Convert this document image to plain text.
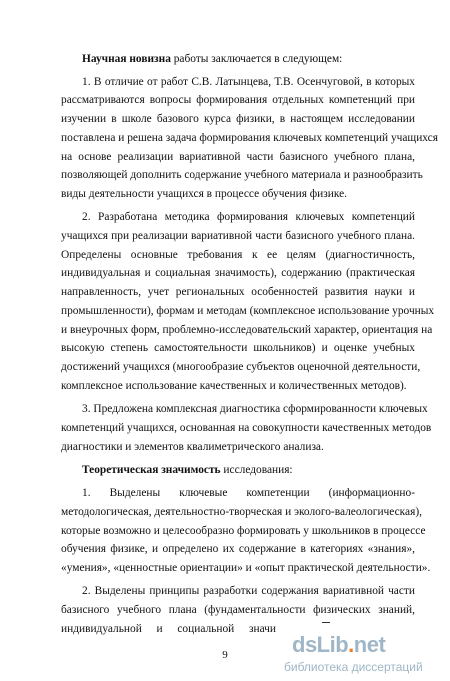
Научная новизна работы заключается в следующем:
1. В отличие от работ С.В. Латынцева, Т.В. Осенчуговой, в которых
рассматриваются вопросы формирования отдельных компетенций при
изучении в школе базового курса физики, в настоящем исследовании
поставлена и решена задача формирования ключевых компетенций учащихся
на основе реализации вариативной части базисного учебного плана,
позволяющей дополнить содержание учебного материала и разнообразить
виды деятельности учащихся в процессе обучения физике.
2. Разработана методика формирования ключевых компетенций
учащихся при реализации вариативной части базисного учебного плана.
Определены основные требования к ее целям (диагностичность,
индивидуальная и социальная значимость), содержанию (практическая
направленность, учет региональных особенностей развития науки и
промышленности), формам и методам (комплексное использование урочных
и внеурочных форм, проблемно-исследовательский характер, ориентация на
высокую степень самостоятельности школьников) и оценке учебных
достижений учащихся (многообразие субъектов оценочной деятельности,
комплексное использование качественных и количественных методов).
3. Предложена комплексная диагностика сформированности ключевых
компетенций учащихся, основанная на совокупности качественных методов
диагностики и элементов квалиметрического анализа.
Теоретическая значимость исследования:
1. Выделены ключевые компетенции (информационно-
методологическая, деятельностно-творческая и эколого-валеологическая),
которые возможно и целесообразно формировать у школьников в процессе
обучения физике, и определено их содержание в категориях «знания»,
«умения», «ценностные ориентации» и «опыт практической деятельности».
2. Выделены принципы разработки содержания вариативной части
базисного учебного плана (фундаментальности физических знаний,
индивидуальной и социальной значи
9	dsLib.net
библиотека диссертаций
